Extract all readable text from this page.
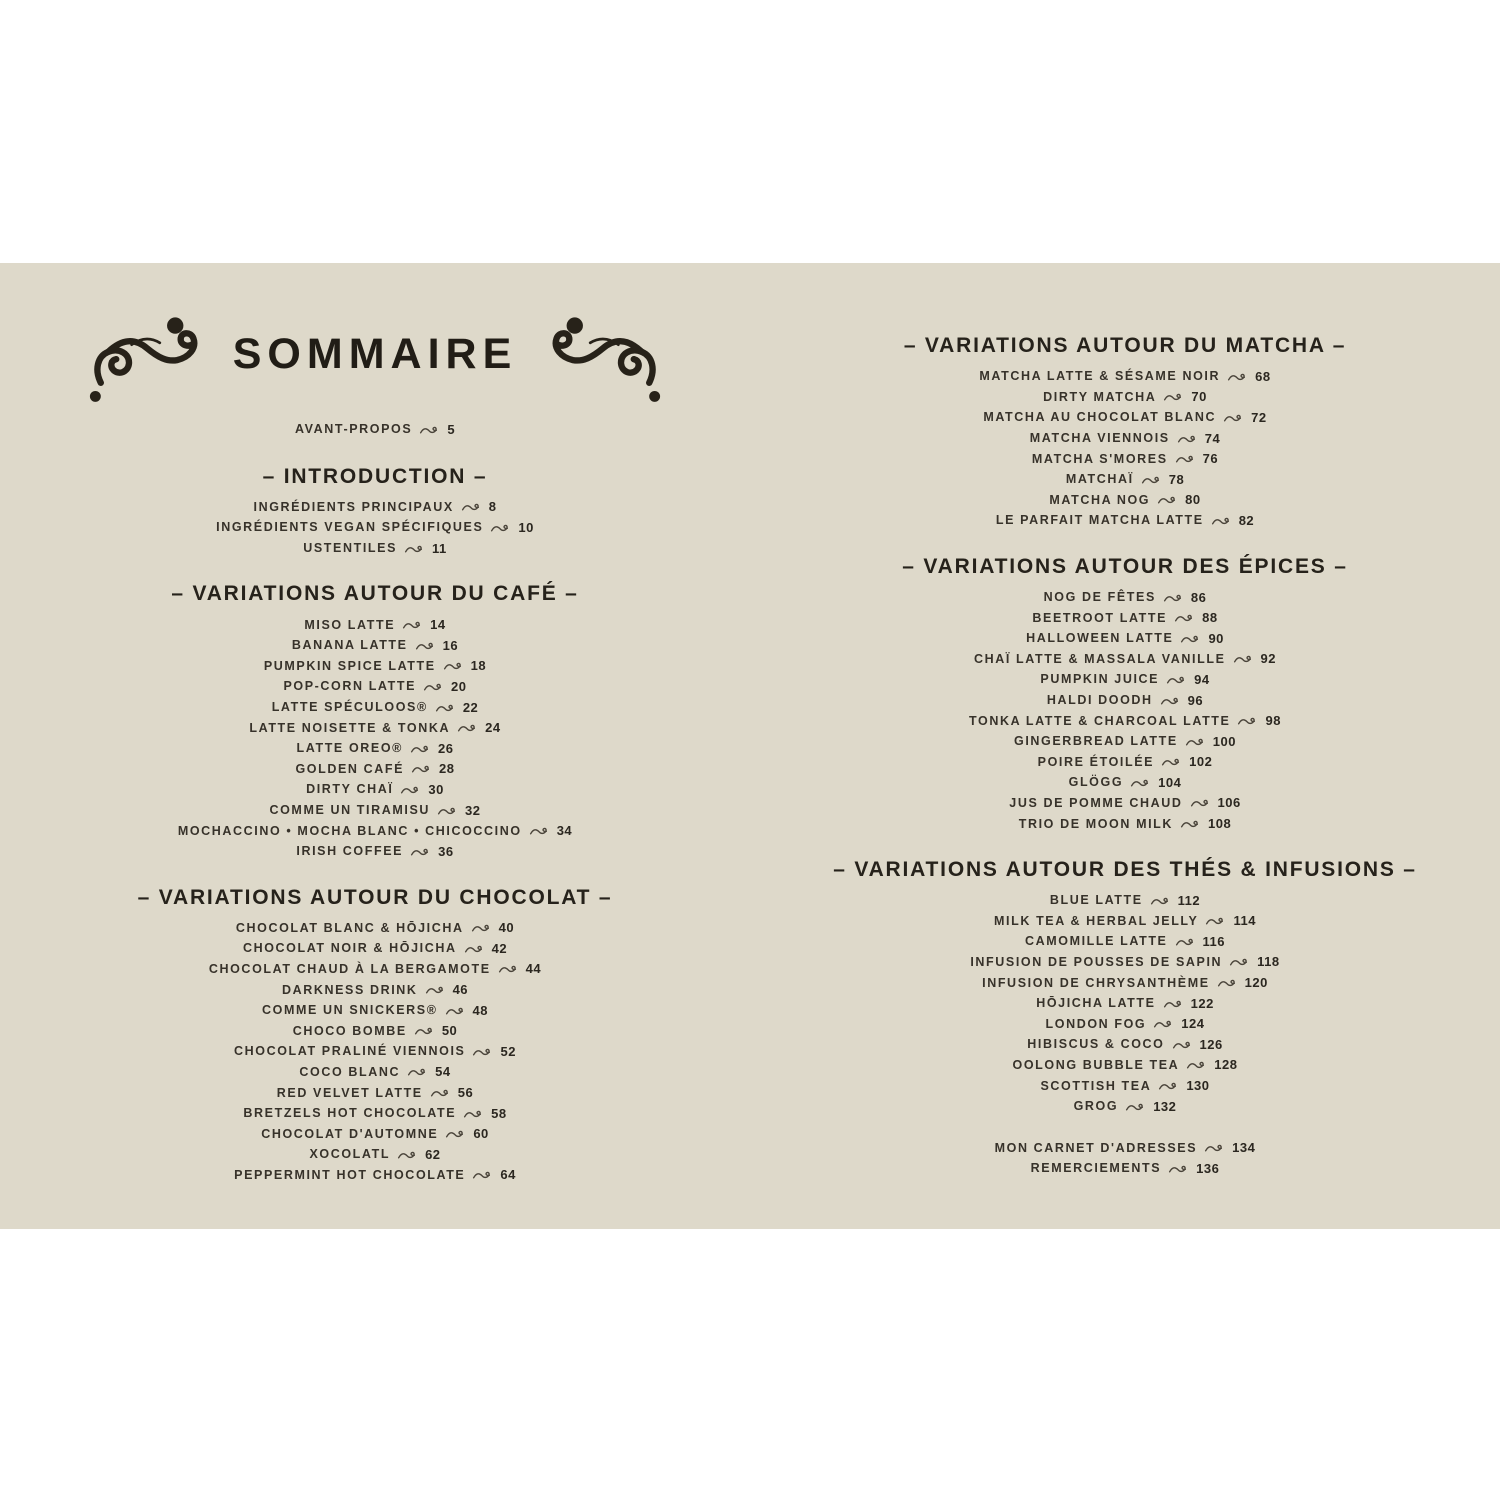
SOMMAIRE
AVANT-PROPOS	5
– INTRODUCTION –
INGRÉDIENTS PRINCIPAUX	8
INGRÉDIENTS VEGAN SPÉCIFIQUES	10
USTENTILES	11
– VARIATIONS AUTOUR DU CAFÉ –
MISO LATTE	14
BANANA LATTE	16
PUMPKIN SPICE LATTE	18
POP-CORN LATTE	20
LATTE SPÉCULOOS®	22
LATTE NOISETTE & TONKA	24
LATTE OREO®	26
GOLDEN CAFÉ	28
DIRTY CHAÏ	30
COMME UN TIRAMISU	32
MOCHACCINO • MOCHA BLANC • CHICOCCINO	34
IRISH COFFEE	36
– VARIATIONS AUTOUR DU CHOCOLAT –
CHOCOLAT BLANC & HŌJICHA	40
CHOCOLAT NOIR & HŌJICHA	42
CHOCOLAT CHAUD À LA BERGAMOTE	44
DARKNESS DRINK	46
COMME UN SNICKERS®	48
CHOCO BOMBE	50
CHOCOLAT PRALINÉ VIENNOIS	52
COCO BLANC	54
RED VELVET LATTE	56
BRETZELS HOT CHOCOLATE	58
CHOCOLAT D'AUTOMNE	60
XOCOLATL	62
PEPPERMINT HOT CHOCOLATE	64
– VARIATIONS AUTOUR DU MATCHA –
MATCHA LATTE & SÉSAME NOIR	68
DIRTY MATCHA	70
MATCHA AU CHOCOLAT BLANC	72
MATCHA VIENNOIS	74
MATCHA S'MORES	76
MATCHAÏ	78
MATCHA NOG	80
LE PARFAIT MATCHA LATTE	82
– VARIATIONS AUTOUR DES ÉPICES –
NOG DE FÊTES	86
BEETROOT LATTE	88
HALLOWEEN LATTE	90
CHAÏ LATTE & MASSALA VANILLE	92
PUMPKIN JUICE	94
HALDI DOODH	96
TONKA LATTE & CHARCOAL LATTE	98
GINGERBREAD LATTE	100
POIRE ÉTOILÉE	102
GLÖGG	104
JUS DE POMME CHAUD	106
TRIO DE MOON MILK	108
– VARIATIONS AUTOUR DES THÉS & INFUSIONS –
BLUE LATTE	112
MILK TEA & HERBAL JELLY	114
CAMOMILLE LATTE	116
INFUSION DE POUSSES DE SAPIN	118
INFUSION DE CHRYSANTHÈME	120
HŌJICHA LATTE	122
LONDON FOG	124
HIBISCUS & COCO	126
OOLONG BUBBLE TEA	128
SCOTTISH TEA	130
GROG	132
MON CARNET D'ADRESSES	134
REMERCIEMENTS	136
